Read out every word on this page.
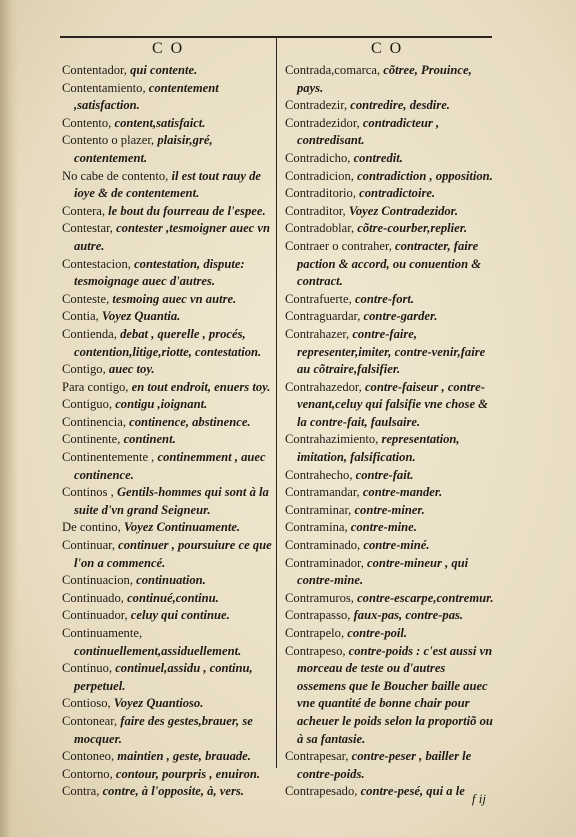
C O	C O

Contentador, qui contente.

Contentamiento, contentement ,satisfaction.

Contento, content,satisfaict.

Contento o plazer, plaisir,gré, contentement.

No cabe de contento, il est tout rauy de ioye & de contentement.

Contera, le bout du fourreau de l'espee.

Contestar, contester ,tesmoigner auec vn autre.

Contestacion, contestation, dispute: tesmoignage auec d'autres.

Conteste, tesmoing auec vn autre.

Contia, Voyez Quantia.

Contienda, debat , querelle , procés, contention,litige,riotte, contestation.

Contigo, auec toy.

Para contigo, en tout endroit, enuers toy.

Contiguo, contigu ,ioignant.

Continencia, continence, abstinence.

Continente, continent.

Continentemente , continemment , auec continence.

Continos , Gentils-hommes qui sont à la suite d'vn grand Seigneur.

De contino, Voyez Continuamente.

Continuar, continuer , poursuiure ce que l'on a commencé.

Continuacion, continuation.

Continuado, continué,continu.

Continuador, celuy qui continue.

Continuamente, continuellement,assiduellement.

Continuo, continuel,assidu , continu, perpetuel.

Contioso, Voyez Quantioso.

Contonear, faire des gestes,brauer, se mocquer.

Contoneo, maintien , geste, brauade.

Contorno, contour, pourpris , enuiron.

Contra, contre, à l'opposite, à, vers.

Contrada,comarca, cõtree, Prouince, pays.

Contradezir, contredire, desdire.

Contradezidor, contradicteur , contredisant.

Contradicho, contredit.

Contradicion, contradiction , opposition.

Contraditorio, contradictoire.

Contraditor, Voyez Contradezidor.

Contradoblar, cõtre-courber,replier.

Contraer o contraher, contracter, faire paction & accord, ou conuention & contract.

Contrafuerte, contre-fort.

Contraguardar, contre-garder.

Contrahazer, contre-faire, representer,imiter, contre-venir,faire au cõtraire,falsifier.

Contrahazedor, contre-faiseur , contre-venant,celuy qui falsifie vne chose & la contre-fait, faulsaire.

Contrahazimiento, representation, imitation, falsification.

Contrahecho, contre-fait.

Contramandar, contre-mander.

Contraminar, contre-miner.

Contramina, contre-mine.

Contraminado, contre-miné.

Contraminador, contre-mineur , qui contre-mine.

Contramuros, contre-escarpe,contremur.

Contrapasso, faux-pas, contre-pas.

Contrapelo, contre-poil.

Contrapeso, contre-poids : c'est aussi vn morceau de teste ou d'autres ossemens que le Boucher baille auec vne quantité de bonne chair pour acheuer le poids selon la proportiõ ou à sa fantasie.

Contrapesar, contre-peser , bailler le contre-poids.

Contrapesado, contre-pesé, qui a le f ij
